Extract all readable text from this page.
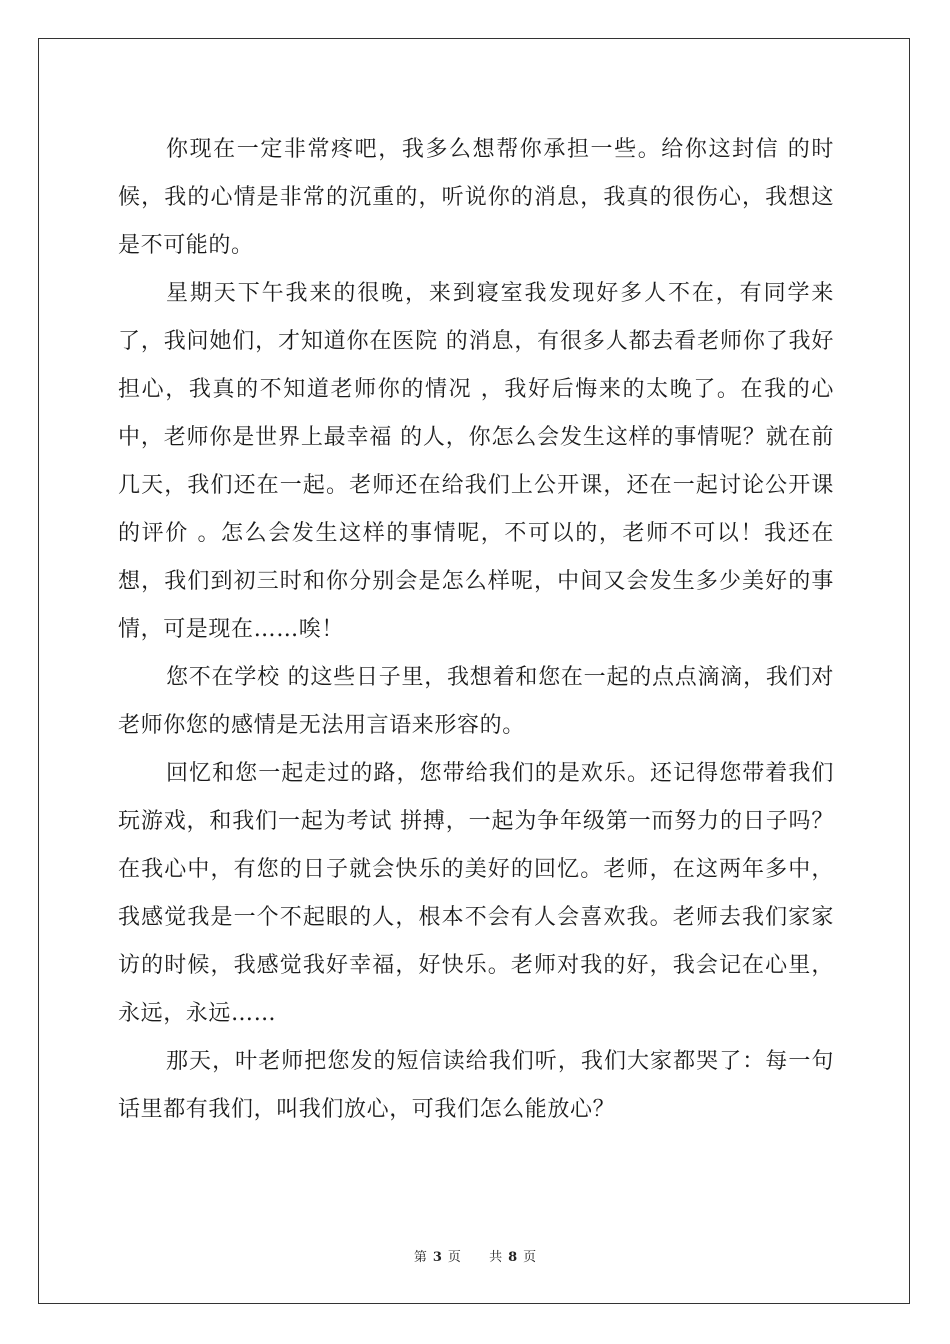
你现在一定非常疼吧，我多么想帮你承担一些。给你这封信 的时候，我的心情是非常的沉重的，听说你的消息，我真的很伤心，我想这是不可能的。

星期天下午我来的很晚，来到寝室我发现好多人不在，有同学来了，我问她们，才知道你在医院 的消息，有很多人都去看老师你了我好担心，我真的不知道老师你的情况 ，我好后悔来的太晚了。在我的心中，老师你是世界上最幸福 的人，你怎么会发生这样的事情呢？就在前几天，我们还在一起。老师还在给我们上公开课，还在一起讨论公开课的评价 。怎么会发生这样的事情呢，不可以的，老师不可以！我还在想，我们到初三时和你分别会是怎么样呢，中间又会发生多少美好的事情，可是现在……唉！

您不在学校 的这些日子里，我想着和您在一起的点点滴滴，我们对老师你您的感情是无法用言语来形容的。

回忆和您一起走过的路，您带给我们的是欢乐。还记得您带着我们玩游戏，和我们一起为考试 拼搏，一起为争年级第一而努力的日子吗？在我心中，有您的日子就会快乐的美好的回忆。老师，在这两年多中，我感觉我是一个不起眼的人，根本不会有人会喜欢我。老师去我们家家访的时候，我感觉我好幸福，好快乐。老师对我的好，我会记在心里，永远，永远……

那天，叶老师把您发的短信读给我们听，我们大家都哭了：每一句话里都有我们，叫我们放心，可我们怎么能放心？

第 3 页 共 8 页
